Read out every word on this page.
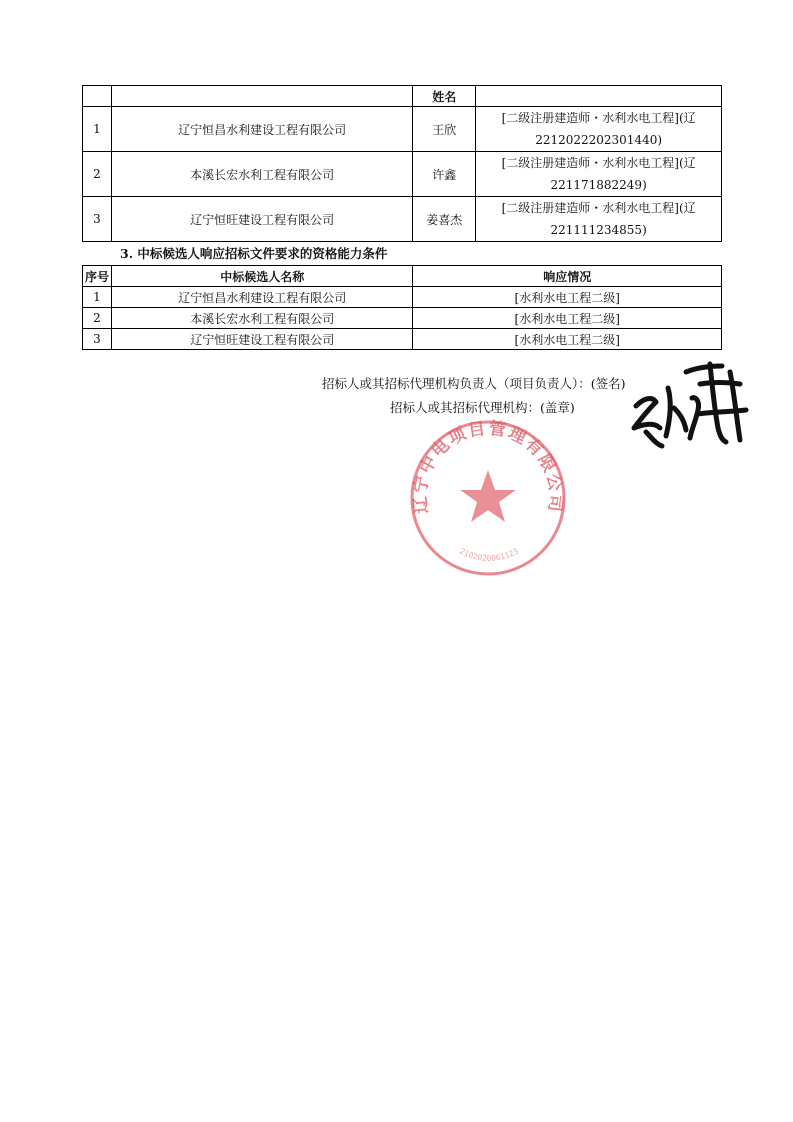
		姓名	
1	辽宁恒昌水利建设工程有限公司	王欣	[二级注册建造师・水利水电工程](辽
2212022202301440)

2	本溪长宏水利工程有限公司	许鑫	[二级注册建造师・水利水电工程](辽
221171882249)

3	辽宁恒旺建设工程有限公司	姜喜杰	[二级注册建造师・水利水电工程](辽
221111234855)
3. 中标候选人响应招标文件要求的资格能力条件
序号	中标候选人名称	响应情况
1	辽宁恒昌水利建设工程有限公司	[水利水电工程二级]
2	本溪长宏水利工程有限公司	[水利水电工程二级]
3	辽宁恒旺建设工程有限公司	[水利水电工程二级]
招标人或其招标代理机构负责人（项目负责人）：(签名)
招标人或其招标代理机构：(盖章)
辽宁中电项目管理有限公司
2102020061123
